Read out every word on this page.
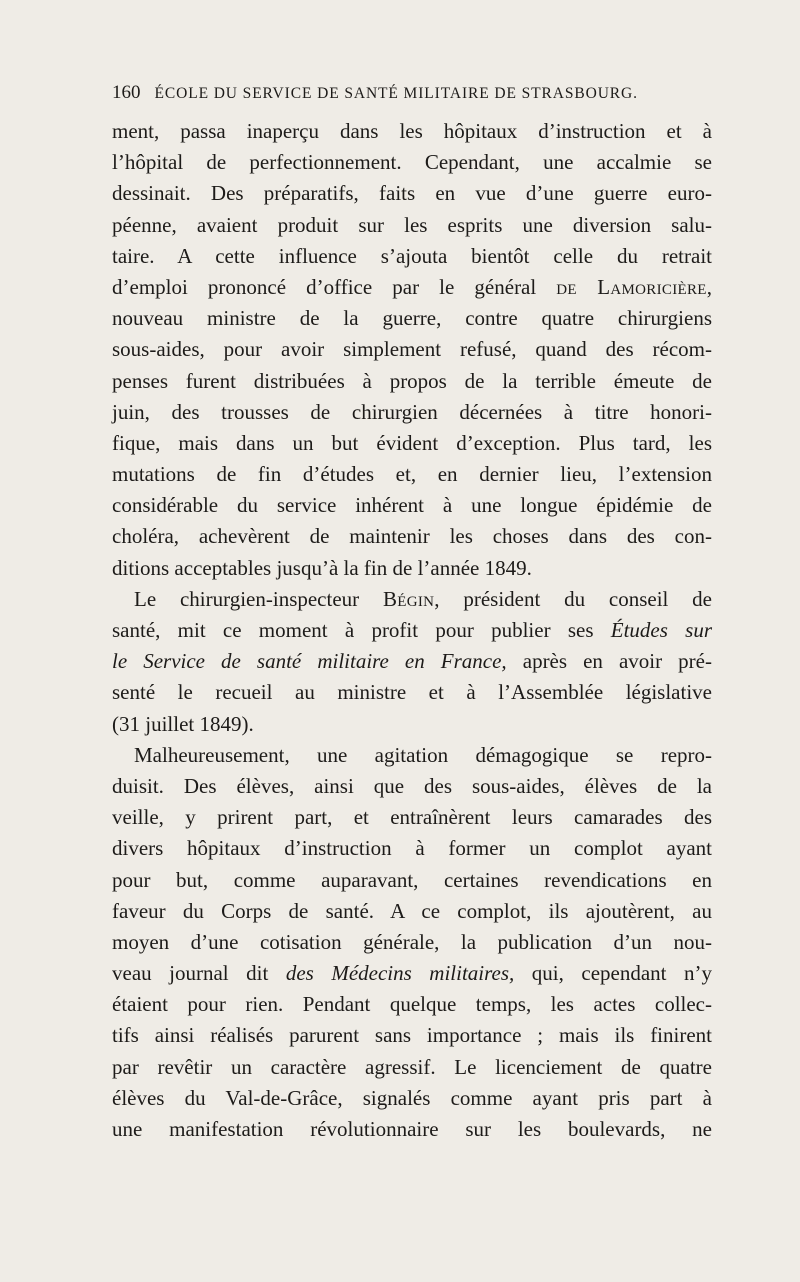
160 ÉCOLE DU SERVICE DE SANTÉ MILITAIRE DE STRASBOURG.
ment, passa inaperçu dans les hôpitaux d’instruction et à
l’hôpital de perfectionnement. Cependant, une accalmie se
dessinait. Des préparatifs, faits en vue d’une guerre euro-
péenne, avaient produit sur les esprits une diversion salu-
taire. A cette influence s’ajouta bientôt celle du retrait
d’emploi prononcé d’office par le général de Lamoricière,
nouveau ministre de la guerre, contre quatre chirurgiens
sous-aides, pour avoir simplement refusé, quand des récom-
penses furent distribuées à propos de la terrible émeute de
juin, des trousses de chirurgien décernées à titre honori-
fique, mais dans un but évident d’exception. Plus tard, les
mutations de fin d’études et, en dernier lieu, l’extension
considérable du service inhérent à une longue épidémie de
choléra, achevèrent de maintenir les choses dans des con-
ditions acceptables jusqu’à la fin de l’année 1849.
Le chirurgien-inspecteur Bégin, président du conseil de
santé, mit ce moment à profit pour publier ses Études sur
le Service de santé militaire en France, après en avoir pré-
senté le recueil au ministre et à l’Assemblée législative
(31 juillet 1849).
Malheureusement, une agitation démagogique se repro-
duisit. Des élèves, ainsi que des sous-aides, élèves de la
veille, y prirent part, et entraînèrent leurs camarades des
divers hôpitaux d’instruction à former un complot ayant
pour but, comme auparavant, certaines revendications en
faveur du Corps de santé. A ce complot, ils ajoutèrent, au
moyen d’une cotisation générale, la publication d’un nou-
veau journal dit des Médecins militaires, qui, cependant n’y
étaient pour rien. Pendant quelque temps, les actes collec-
tifs ainsi réalisés parurent sans importance ; mais ils finirent
par revêtir un caractère agressif. Le licenciement de quatre
élèves du Val-de-Grâce, signalés comme ayant pris part à
une manifestation révolutionnaire sur les boulevards, ne
